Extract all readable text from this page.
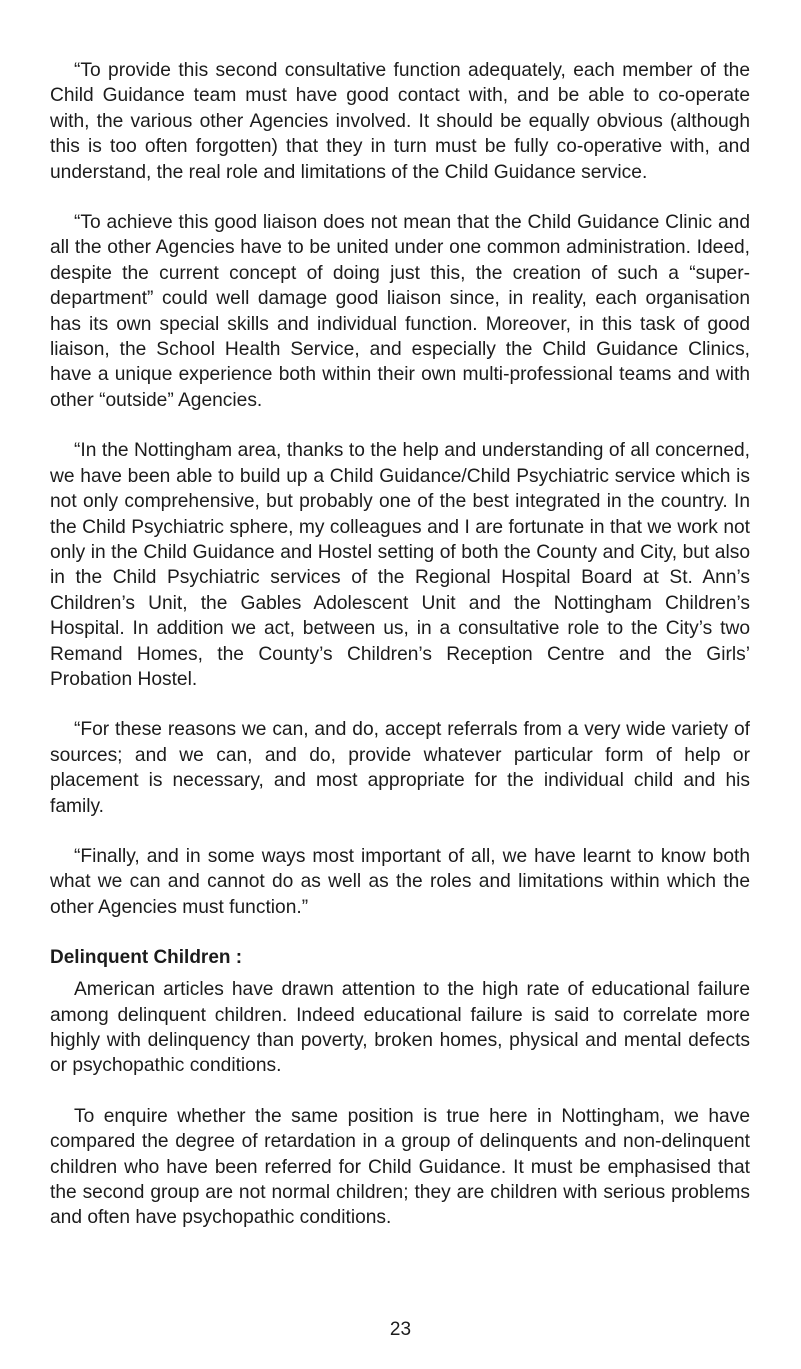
“To provide this second consultative function adequately, each member of the Child Guidance team must have good contact with, and be able to co-operate with, the various other Agencies involved. It should be equally obvious (although this is too often forgotten) that they in turn must be fully co-operative with, and understand, the real role and limitations of the Child Guidance service.

“To achieve this good liaison does not mean that the Child Guidance Clinic and all the other Agencies have to be united under one common administration. Ideed, despite the current concept of doing just this, the creation of such a “super-department” could well damage good liaison since, in reality, each organisation has its own special skills and individual function. Moreover, in this task of good liaison, the School Health Service, and especially the Child Guidance Clinics, have a unique experience both within their own multi-professional teams and with other “outside” Agencies.

“In the Nottingham area, thanks to the help and understanding of all concerned, we have been able to build up a Child Guidance/Child Psychiatric service which is not only comprehensive, but probably one of the best integrated in the country. In the Child Psychiatric sphere, my colleagues and I are fortunate in that we work not only in the Child Guidance and Hostel setting of both the County and City, but also in the Child Psychiatric services of the Regional Hospital Board at St. Ann’s Children’s Unit, the Gables Adolescent Unit and the Nottingham Children’s Hospital. In addition we act, between us, in a consultative role to the City’s two Remand Homes, the County’s Children’s Reception Centre and the Girls’ Probation Hostel.

“For these reasons we can, and do, accept referrals from a very wide variety of sources; and we can, and do, provide whatever particular form of help or placement is necessary, and most appropriate for the individual child and his family.

“Finally, and in some ways most important of all, we have learnt to know both what we can and cannot do as well as the roles and limitations within which the other Agencies must function.”

Delinquent Children :

American articles have drawn attention to the high rate of educational failure among delinquent children. Indeed educational failure is said to correlate more highly with delinquency than poverty, broken homes, physical and mental defects or psychopathic conditions.

To enquire whether the same position is true here in Nottingham, we have compared the degree of retardation in a group of delinquents and non-delinquent children who have been referred for Child Guidance. It must be emphasised that the second group are not normal children; they are children with serious problems and often have psychopathic conditions.

23
